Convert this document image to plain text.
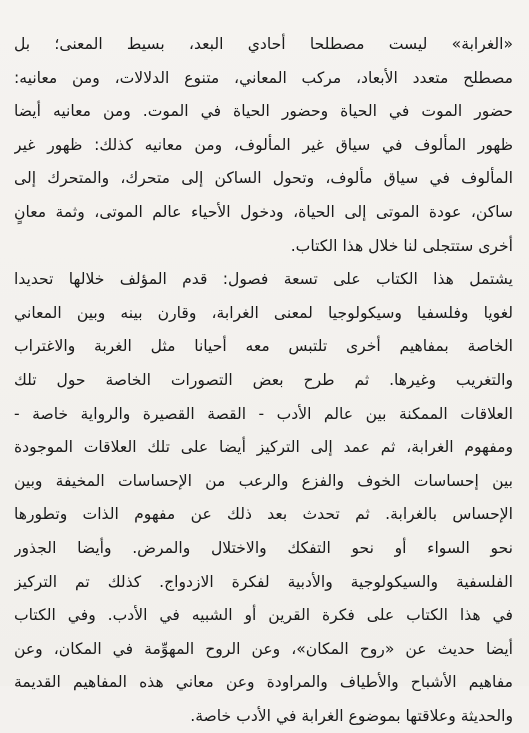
«الغرابة» ليست مصطلحا أحادي البعد، بسيط المعنى؛ بل
مصطلح متعدد الأبعاد، مركب المعاني، متنوع الدلالات، ومن معانيه:
حضور الموت في الحياة وحضور الحياة في الموت. ومن معانيه أيضا
ظهور المألوف في سياق غير المألوف، ومن معانيه كذلك: ظهور غير
المألوف في سياق مألوف، وتحول الساكن إلى متحرك، والمتحرك إلى
ساكن، عودة الموتى إلى الحياة، ودخول الأحياء عالم الموتى، وثمة معانٍ
أخرى ستتجلى لنا خلال هذا الكتاب.

يشتمل هذا الكتاب على تسعة فصول: قدم المؤلف خلالها تحديدا
لغويا وفلسفيا وسيكولوجيا لمعنى الغرابة، وقارن بينه وبين المعاني
الخاصة بمفاهيم أخرى تلتبس معه أحيانا مثل الغربة والاغتراب
والتغريب وغيرها. ثم طرح بعض التصورات الخاصة حول تلك
العلاقات الممكنة بين عالم الأدب - القصة القصيرة والرواية خاصة -
ومفهوم الغرابة، ثم عمد إلى التركيز أيضا على تلك العلاقات الموجودة
بين إحساسات الخوف والفزع والرعب من الإحساسات المخيفة وبين
الإحساس بالغرابة. ثم تحدث بعد ذلك عن مفهوم الذات وتطورها
نحو السواء أو نحو التفكك والاختلال والمرض. وأيضا الجذور
الفلسفية والسيكولوجية والأدبية لفكرة الازدواج. كذلك تم التركيز
في هذا الكتاب على فكرة القرين أو الشبيه في الأدب. وفي الكتاب
أيضا حديث عن «روح المكان»، وعن الروح المهوِّمة في المكان، وعن
مفاهيم الأشباح والأطياف والمراودة وعن معاني هذه المفاهيم القديمة
والحديثة وعلاقتها بموضوع الغرابة في الأدب خاصة.
